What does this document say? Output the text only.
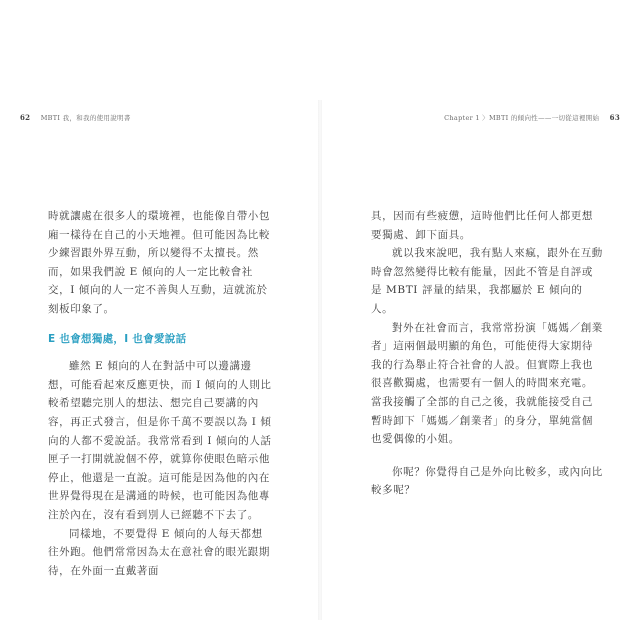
62 MBTI 我，和我的使用說明書

時就讓處在很多人的環境裡，也能像自帶小包廂一樣待在自己的小天地裡。但可能因為比較少練習跟外界互動，所以變得不太擅長。然而，如果我們說 E 傾向的人一定比較會社交，I 傾向的人一定不善與人互動，這就流於刻板印象了。

E 也會想獨處，I 也會愛說話

雖然 E 傾向的人在對話中可以邊講邊想，可能看起來反應更快，而 I 傾向的人則比較希望聽完別人的想法、想完自己要講的內容，再正式發言，但是你千萬不要誤以為 I 傾向的人都不愛說話。我常常看到 I 傾向的人話匣子一打開就說個不停，就算你使眼色暗示他停止，他還是一直說。這可能是因為他的內在世界覺得現在是溝通的時候，也可能因為他專注於內在，沒有看到別人已經聽不下去了。

同樣地，不要覺得 E 傾向的人每天都想往外跑。他們常常因為太在意社會的眼光跟期待，在外面一直戴著面

Chapter 1 〉MBTI 的傾向性——一切從這裡開始 63

具，因而有些疲憊，這時他們比任何人都更想要獨處、卸下面具。

就以我來說吧，我有點人來瘋，跟外在互動時會忽然變得比較有能量，因此不管是自評或是 MBTI 評量的結果，我都屬於 E 傾向的人。

對外在社會而言，我常常扮演「媽媽／創業者」這兩個最明顯的角色，可能使得大家期待我的行為舉止符合社會的人設。但實際上我也很喜歡獨處，也需要有一個人的時間來充電。當我接觸了全部的自己之後，我就能接受自己暫時卸下「媽媽／創業者」的身分，單純當個也愛偶像的小姐。

你呢？你覺得自己是外向比較多，或內向比較多呢？
